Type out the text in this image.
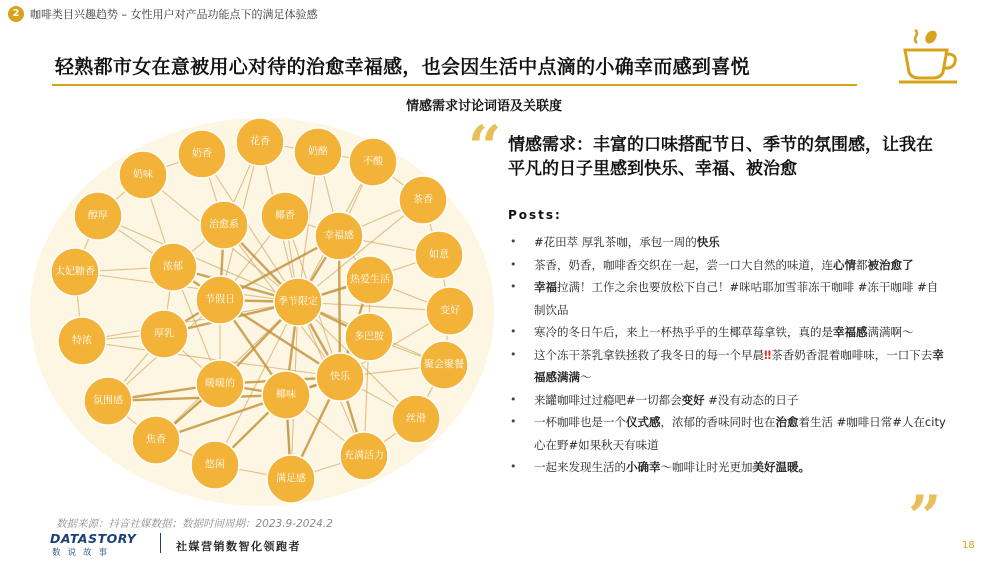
2 咖啡类目兴趣趋势 – 女性用户对产品功能点下的满足体验感
轻熟都市女在意被用心对待的治愈幸福感，也会因生活中点滴的小确幸而感到喜悦
情感需求讨论词语及关联度
花香
奶酪
奶香
不酸
奶味
茶香
醇厚
治愈系
椰香
幸福感
如意
太妃糖香	浓郁
热爱生活
节假日	季节限定
变好
厚乳	多巴胺
特浓
暖暖的
快乐
聚会聚餐
氛围感
椰味
丝滑
焦香
悠闲
满足感
充满活力
“ 情感需求：丰富的口味搭配节日、季节的氛围感，让我在平凡的日子里感到快乐、幸福、被治愈
Posts:
• #花田萃 厚乳茶咖，承包一周的快乐
• 茶香，奶香，咖啡香交织在一起，尝一口大自然的味道，连心情都被治愈了
• 幸福拉满！工作之余也要放松下自己！#咪咕耶加雪菲冻干咖啡 #冻干咖啡 #自制饮品
• 寒冷的冬日午后，来上一杯热乎乎的生椰草莓拿铁，真的是幸福感满满啊～
• 这个冻干茶乳拿铁拯救了我冬日的每一个早晨‼茶香奶香混着咖啡味，一口下去幸福感满满～
• 来罐咖啡过过瘾吧#一切都会变好 #没有动态的日子
• 一杯咖啡也是一个仪式感，浓郁的香味同时也在治愈着生活 #咖啡日常#人在city心在野#如果秋天有味道
• 一起来发现生活的小确幸～咖啡让时光更加美好温暖。
”
数据来源：抖音社媒数据；数据时间周期：2023.9-2024.2
DATASTORY
数说故事	社媒营销数智化领跑者	18
